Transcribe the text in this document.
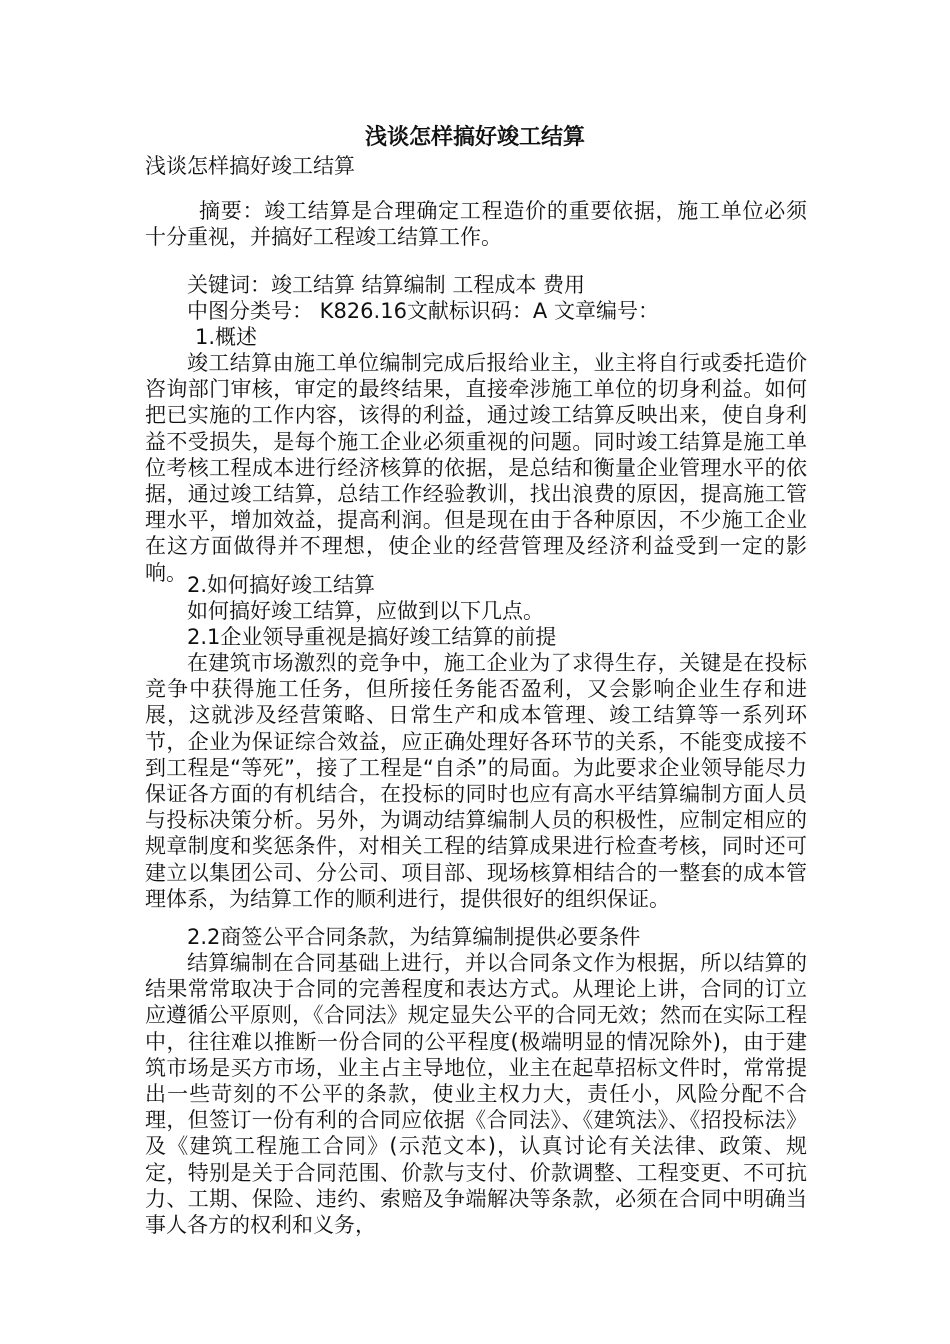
浅谈怎样搞好竣工结算
浅谈怎样搞好竣工结算

摘要：竣工结算是合理确定工程造价的重要依据，施工单位必须十分重视，并搞好工程竣工结算工作。

关键词：竣工结算 结算编制 工程成本 费用

中图分类号： K826.16文献标识码：A 文章编号：

1.概述

竣工结算由施工单位编制完成后报给业主，业主将自行或委托造价咨询部门审核，审定的最终结果，直接牵涉施工单位的切身利益。如何把已实施的工作内容，该得的利益，通过竣工结算反映出来，使自身利益不受损失，是每个施工企业必须重视的问题。同时竣工结算是施工单位考核工程成本进行经济核算的依据，是总结和衡量企业管理水平的依据，通过竣工结算，总结工作经验教训，找出浪费的原因，提高施工管理水平，增加效益，提高利润。但是现在由于各种原因，不少施工企业在这方面做得并不理想，使企业的经营管理及经济利益受到一定的影响。

2.如何搞好竣工结算

如何搞好竣工结算，应做到以下几点。

2.1企业领导重视是搞好竣工结算的前提

在建筑市场激烈的竞争中，施工企业为了求得生存，关键是在投标竞争中获得施工任务，但所接任务能否盈利，又会影响企业生存和进展，这就涉及经营策略、日常生产和成本管理、竣工结算等一系列环节，企业为保证综合效益，应正确处理好各环节的关系，不能变成接不到工程是“等死”，接了工程是“自杀”的局面。为此要求企业领导能尽力保证各方面的有机结合，在投标的同时也应有高水平结算编制方面人员与投标决策分析。另外，为调动结算编制人员的积极性，应制定相应的规章制度和奖惩条件，对相关工程的结算成果进行检查考核，同时还可建立以集团公司、分公司、项目部、现场核算相结合的一整套的成本管理体系，为结算工作的顺利进行，提供很好的组织保证。

2.2商签公平合同条款，为结算编制提供必要条件

结算编制在合同基础上进行，并以合同条文作为根据，所以结算的结果常常取决于合同的完善程度和表达方式。从理论上讲，合同的订立应遵循公平原则，《合同法》规定显失公平的合同无效；然而在实际工程中，往往难以推断一份合同的公平程度(极端明显的情况除外)，由于建筑市场是买方市场，业主占主导地位，业主在起草招标文件时，常常提出一些苛刻的不公平的条款，使业主权力大，责任小，风险分配不合理，但签订一份有利的合同应依据《合同法》、《建筑法》、《招投标法》及《建筑工程施工合同》(示范文本)，认真讨论有关法律、政策、规定，特别是关于合同范围、价款与支付、价款调整、工程变更、不可抗力、工期、保险、违约、索赔及争端解决等条款，必须在合同中明确当事人各方的权利和义务，
